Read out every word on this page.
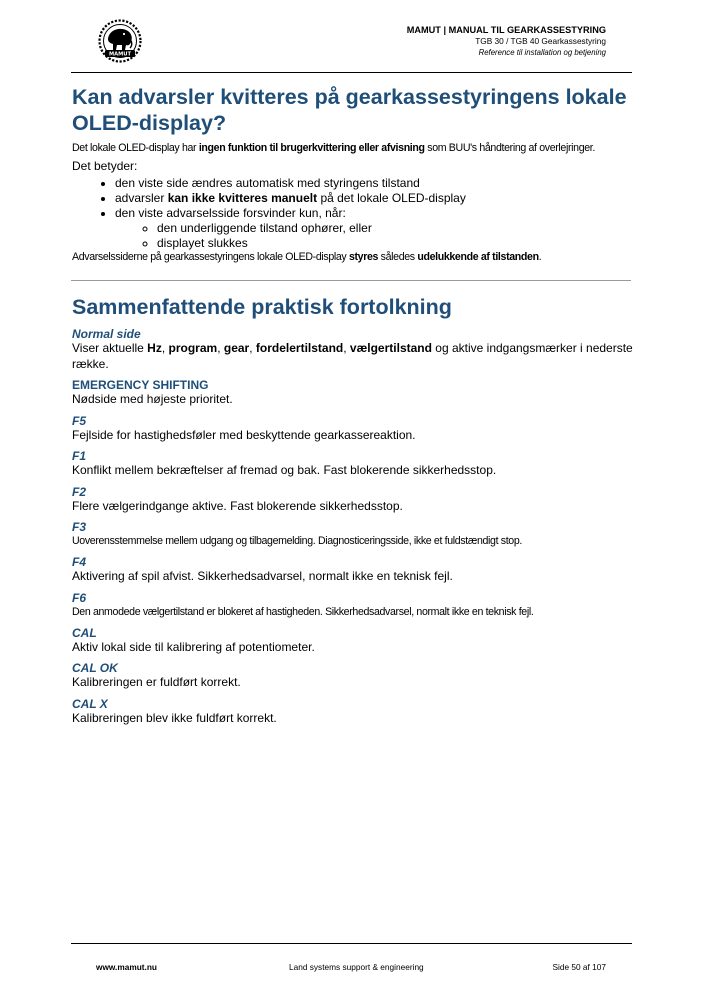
MAMUT
MAMUT | MANUAL TIL GEARKASSESTYRING
TGB 30 / TGB 40 Gearkassestyring
Reference til installation og betjening
Kan advarsler kvitteres på gearkassestyringens lokale OLED-display?

Det lokale OLED-display har ingen funktion til brugerkvittering eller afvisning som BUU's håndtering af overlejringer.

Det betyder:

• den viste side ændres automatisk med styringens tilstand
• advarsler kan ikke kvitteres manuelt på det lokale OLED-display
• den viste advarselsside forsvinder kun, når:
◦ den underliggende tilstand ophører, eller
◦ displayet slukkes

Advarselssiderne på gearkassestyringens lokale OLED-display styres således udelukkende af tilstanden.

Sammenfattende praktisk fortolkning
Normal side

Viser aktuelle Hz, program, gear, fordelertilstand, vælgertilstand og aktive indgangsmærker i nederste række.

EMERGENCY SHIFTING

Nødside med højeste prioritet.

F5

Fejlside for hastighedsføler med beskyttende gearkassereaktion.

F1

Konflikt mellem bekræftelser af fremad og bak. Fast blokerende sikkerhedsstop.

F2

Flere vælgerindgange aktive. Fast blokerende sikkerhedsstop.

F3

Uoverensstemmelse mellem udgang og tilbagemelding. Diagnosticeringsside, ikke et fuldstændigt stop.

F4

Aktivering af spil afvist. Sikkerhedsadvarsel, normalt ikke en teknisk fejl.

F6

Den anmodede vælgertilstand er blokeret af hastigheden. Sikkerhedsadvarsel, normalt ikke en teknisk fejl.

CAL

Aktiv lokal side til kalibrering af potentiometer.

CAL OK

Kalibreringen er fuldført korrekt.

CAL X

Kalibreringen blev ikke fuldført korrekt.

www.mamut.nu	Land systems support & engineering	Side 50 af 107
